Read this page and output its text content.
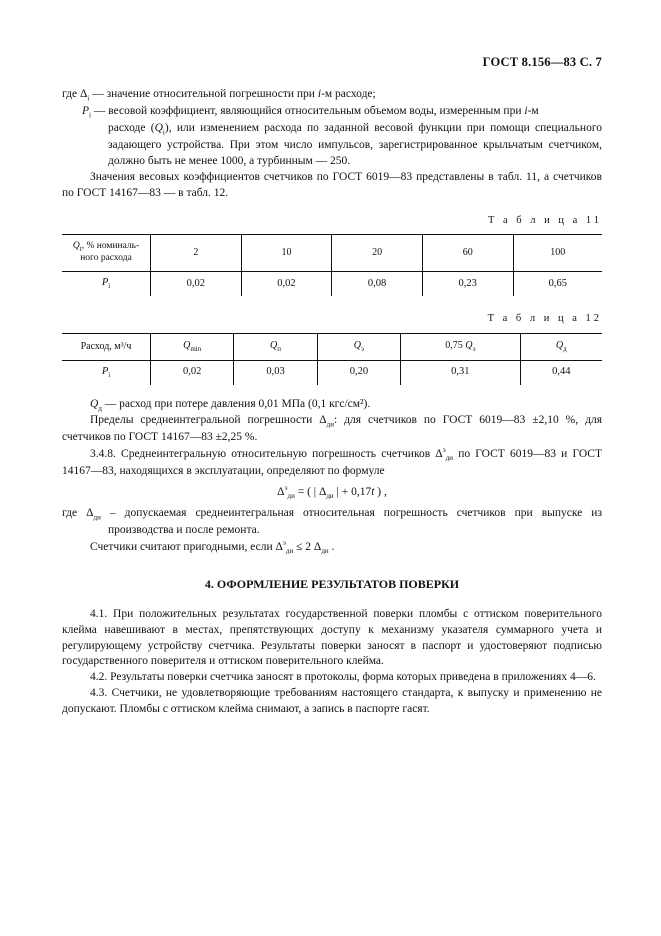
ГОСТ 8.156—83 С. 7

где $\Delta_i$ — значение относительной погрешности при i-м расходе;

$P_i$ — весовой коэффициент, являющийся относительным объемом воды, измеренным при i-м

расходе $(Q_i)$, или изменением расхода по заданной весовой функции при помощи специального задающего устройства. При этом число импульсов, зарегистрированное крыльчатым счетчиком, должно быть не менее 1000, а турбинным — 250.

Значения весовых коэффициентов счетчиков по ГОСТ 6019—83 представлены в табл. 11, а счетчиков по ГОСТ 14167—83 — в табл. 12.

Т а б л и ц а 11
$Q_t$, % номиналь-ного расхода	2	10	20	60	100
$P_i$	0,02	0,02	0,08	0,23	0,65
Т а б л и ц а 12
Расход, м³/ч	$Q_{min}$	$Q_п$	$Q_э$	0,75 $Q_э$	$Q_д$
$P_i$	0,02	0,03	0,20	0,31	0,44

$Q_д$ — расход при потере давления 0,01 МПа (0,1 кгс/см²).

Пределы среднеинтегральной погрешности $\Delta_{ди}$: для счетчиков по ГОСТ 6019—83 ±2,10 %, для счетчиков по ГОСТ 14167—83 ±2,25 %.

3.4.8. Среднеинтегральную относительную погрешность счетчиков $\Delta^э_{ди}$ по ГОСТ 6019—83 и ГОСТ 14167—83, находящихся в эксплуатации, определяют по формуле

$\Delta^э_{ди}$ = ( | $\Delta_{ди}$ | + 0,17t ) ,

где $\Delta_{ди}$ – допускаемая среднеинтегральная относительная погрешность счетчиков при выпуске из производства и после ремонта.

Счетчики считают пригодными, если $\Delta^э_{ди} \le 2$ $\Delta_{ди}$ .

4. ОФОРМЛЕНИЕ РЕЗУЛЬТАТОВ ПОВЕРКИ

4.1. При положительных результатах государственной поверки пломбы с оттиском поверительного клейма навешивают в местах, препятствующих доступу к механизму указателя суммарного учета и регулирующему устройству счетчика. Результаты поверки заносят в паспорт и удостоверяют подписью государственного поверителя и оттиском поверительного клейма.

4.2. Результаты поверки счетчика заносят в протоколы, форма которых приведена в приложениях 4—6.

4.3. Счетчики, не удовлетворяющие требованиям настоящего стандарта, к выпуску и применению не допускают. Пломбы с оттиском клейма снимают, а запись в паспорте гасят.
